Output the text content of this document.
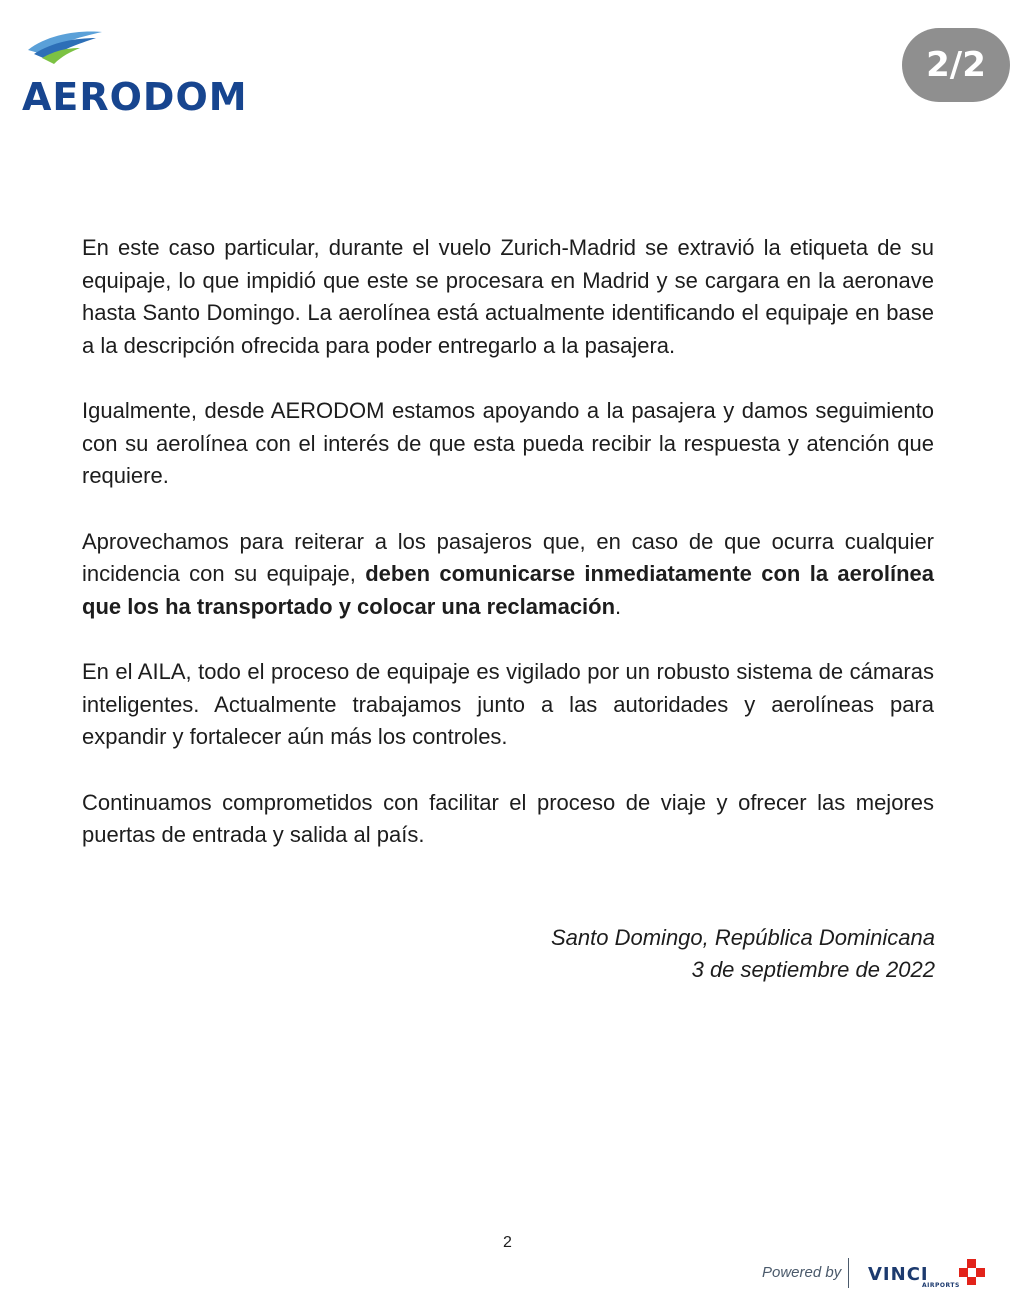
AERODOM
2/2

En este caso particular, durante el vuelo Zurich-Madrid se extravió la etiqueta de su equipaje, lo que impidió que este se procesara en Madrid y se cargara en la aeronave hasta Santo Domingo. La aerolínea está actualmente identificando el equipaje en base a la descripción ofrecida para poder entregarlo a la pasajera.

Igualmente, desde AERODOM estamos apoyando a la pasajera y damos seguimiento con su aerolínea con el interés de que esta pueda recibir la respuesta y atención que requiere.

Aprovechamos para reiterar a los pasajeros que, en caso de que ocurra cualquier incidencia con su equipaje, deben comunicarse inmediatamente con la aerolínea que los ha transportado y colocar una reclamación.

En el AILA, todo el proceso de equipaje es vigilado por un robusto sistema de cámaras inteligentes. Actualmente trabajamos junto a las autoridades y aerolíneas para expandir y fortalecer aún más los controles.

Continuamos comprometidos con facilitar el proceso de viaje y ofrecer las mejores puertas de entrada y salida al país.

Santo Domingo, República Dominicana
3 de septiembre de 2022
2
Powered by VINCI
AIRPORTS
